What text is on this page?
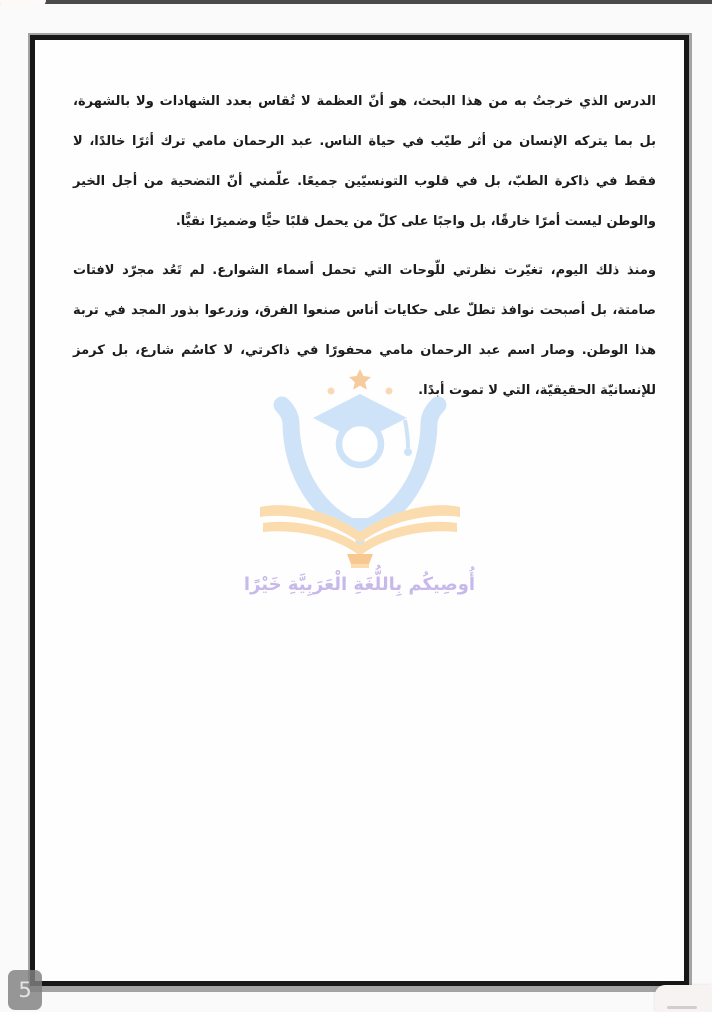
الدرس الذي خرجتُ به من هذا البحث، هو أنّ العظمة لا تُقاس بعدد الشهادات ولا بالشهرة، بل بما يتركه الإنسان من أثر طيّب في حياة الناس. عبد الرحمان مامي ترك أثرًا خالدًا، لا فقط في ذاكرة الطبّ، بل في قلوب التونسيّين جميعًا. علّمني أنّ التضحية من أجل الخير والوطن ليست أمرًا خارقًا، بل واجبًا على كلّ من يحمل قلبًا حيًّا وضميرًا نقيًّا.

ومنذ ذلك اليوم، تغيّرت نظرتي للّوحات التي تحمل أسماء الشوارع. لم تَعُد مجرّد لافتات صامتة، بل أصبحت نوافذ تطلّ على حكايات أناس صنعوا الفرق، وزرعوا بذور المجد في تربة هذا الوطن. وصار اسم عبد الرحمان مامي محفورًا في ذاكرتي، لا كاسُم شارع، بل كرمز للإنسانيّة الحقيقيّة، التي لا تموت أبدًا.

أُوصِيكُم بِاللُّغَةِ الْعَرَبِيَّةِ خَيْرًا
5
